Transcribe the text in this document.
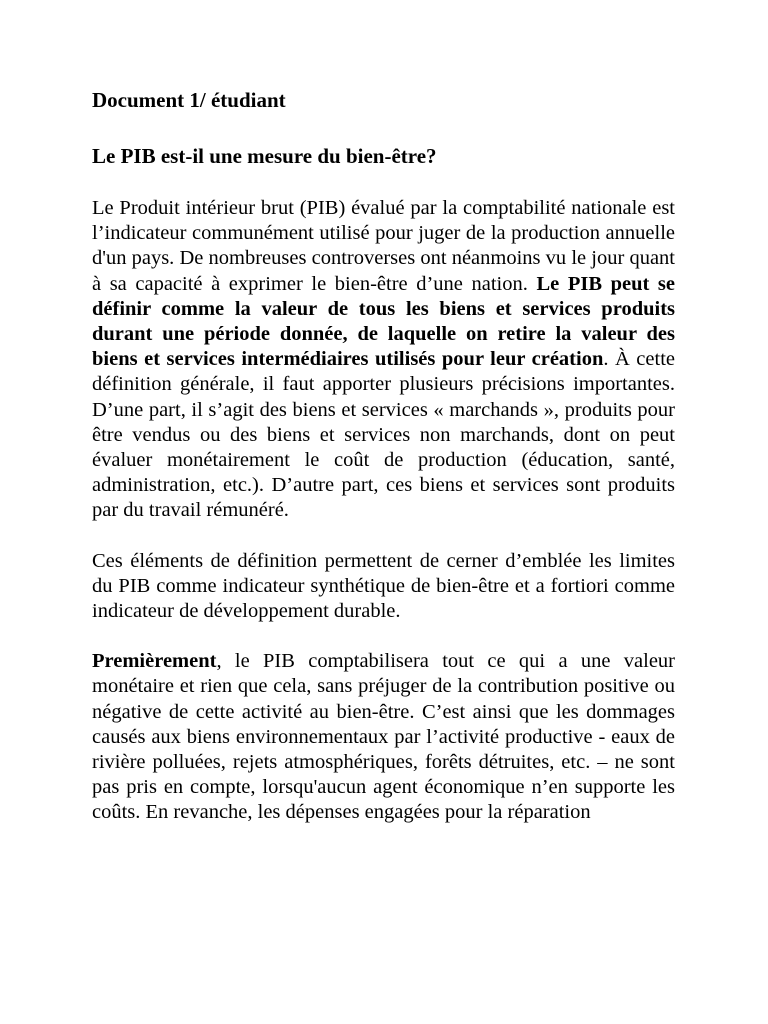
Document 1/ étudiant
Le PIB est-il une mesure du bien-être?

Le Produit intérieur brut (PIB) évalué par la comptabilité nationale est l’indicateur communément utilisé pour juger de la production annuelle d'un pays. De nombreuses controverses ont néanmoins vu le jour quant à sa capacité à exprimer le bien-être d’une nation. Le PIB peut se définir comme la valeur de tous les biens et services produits durant une période donnée, de laquelle on retire la valeur des biens et services intermédiaires utilisés pour leur création. À cette définition générale, il faut apporter plusieurs précisions importantes. D’une part, il s’agit des biens et services « marchands », produits pour être vendus ou des biens et services non marchands, dont on peut évaluer monétairement le coût de production (éducation, santé, administration, etc.). D’autre part, ces biens et services sont produits par du travail rémunéré.

Ces éléments de définition permettent de cerner d’emblée les limites du PIB comme indicateur synthétique de bien-être et a fortiori comme indicateur de développement durable.

Premièrement, le PIB comptabilisera tout ce qui a une valeur monétaire et rien que cela, sans préjuger de la contribution positive ou négative de cette activité au bien-être. C’est ainsi que les dommages causés aux biens environnementaux par l’activité productive - eaux de rivière polluées, rejets atmosphériques, forêts détruites, etc. – ne sont pas pris en compte, lorsqu'aucun agent économique n’en supporte les coûts. En revanche, les dépenses engagées pour la réparation
